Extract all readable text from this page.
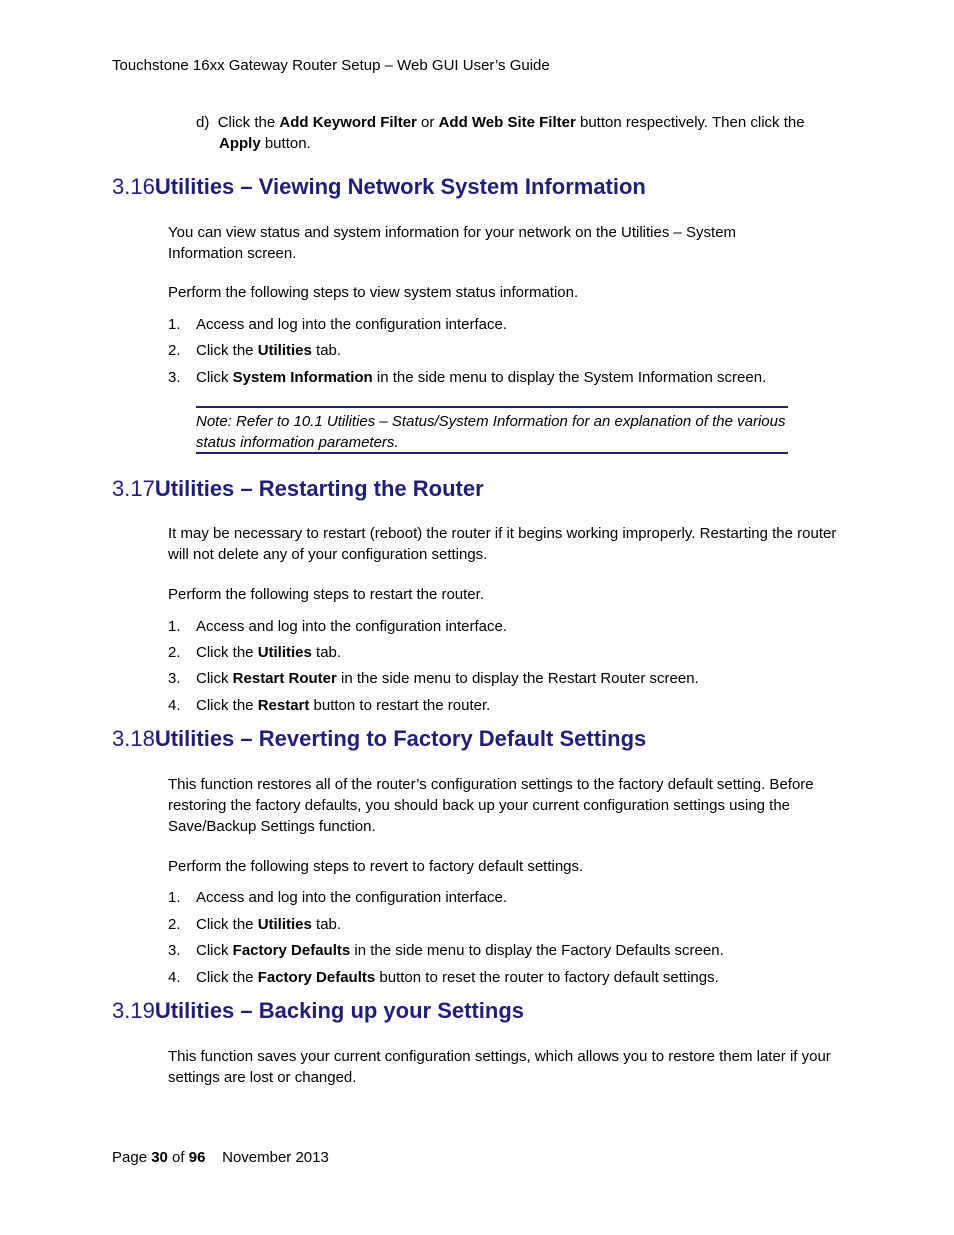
Touchstone 16xx Gateway Router Setup – Web GUI User’s Guide
d) Click the Add Keyword Filter or Add Web Site Filter button respectively. Then click the
Apply button.
3.16Utilities – Viewing Network System Information
You can view status and system information for your network on the Utilities – System Information screen.
Perform the following steps to view system status information.
1. Access and log into the configuration interface.
2. Click the Utilities tab.
3. Click System Information in the side menu to display the System Information screen.
Note: Refer to 10.1 Utilities – Status/System Information for an explanation of the various status information parameters.
3.17Utilities – Restarting the Router
It may be necessary to restart (reboot) the router if it begins working improperly. Restarting the router will not delete any of your configuration settings.
Perform the following steps to restart the router.
1. Access and log into the configuration interface.
2. Click the Utilities tab.
3. Click Restart Router in the side menu to display the Restart Router screen.
4. Click the Restart button to restart the router.
3.18Utilities – Reverting to Factory Default Settings
This function restores all of the router’s configuration settings to the factory default setting. Before restoring the factory defaults, you should back up your current configuration settings using the Save/Backup Settings function.
Perform the following steps to revert to factory default settings.
1. Access and log into the configuration interface.
2. Click the Utilities tab.
3. Click Factory Defaults in the side menu to display the Factory Defaults screen.
4. Click the Factory Defaults button to reset the router to factory default settings.
3.19Utilities – Backing up your Settings
This function saves your current configuration settings, which allows you to restore them later if your settings are lost or changed.
Page 30 of 96 November 2013
